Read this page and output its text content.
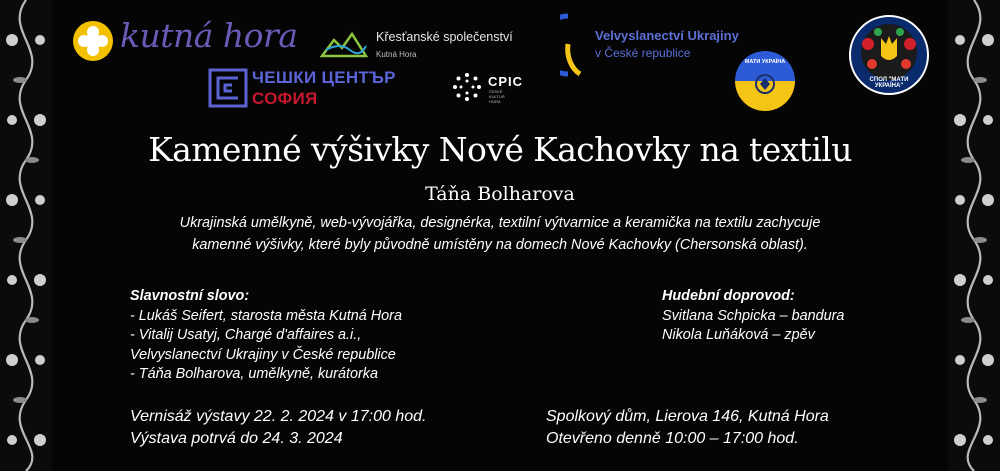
kutná hora	Křesťanské společenství
Kutná Hora
Velvyslanectví Ukrajiny
v České republice
ЧЕШКИ ЦЕНТЪР
СОФИЯ
CPIC
ČESKÉ
KULTUR
HORA
МАТИ УКРАЇНА
СПОЛ "МАТИ УКРАЇНА"
Kamenné výšivky Nové Kachovky na textilu
Táňa Bolharova
Ukrajinská umělkyně, web-vývojářka, designérka, textilní výtvarnice a keramička na textilu zachycuje
kamenné výšivky, které byly původně umístěny na domech Nové Kachovky (Chersonská oblast).
Slavnostní slovo:
- Lukáš Seifert, starosta města Kutná Hora
- Vitalij Usatyj, Chargé d'affaires a.i.,
Velvyslanectví Ukrajiny v České republice
- Táňa Bolharova, umělkyně, kurátorka
Hudební doprovod:
Svitlana Schpicka – bandura
Nikola Luňáková – zpěv
Vernisáž výstavy 22. 2. 2024 v 17:00 hod.
Výstava potrvá do 24. 3. 2024
Spolkový dům, Lierova 146, Kutná Hora
Otevřeno denně 10:00 – 17:00 hod.
